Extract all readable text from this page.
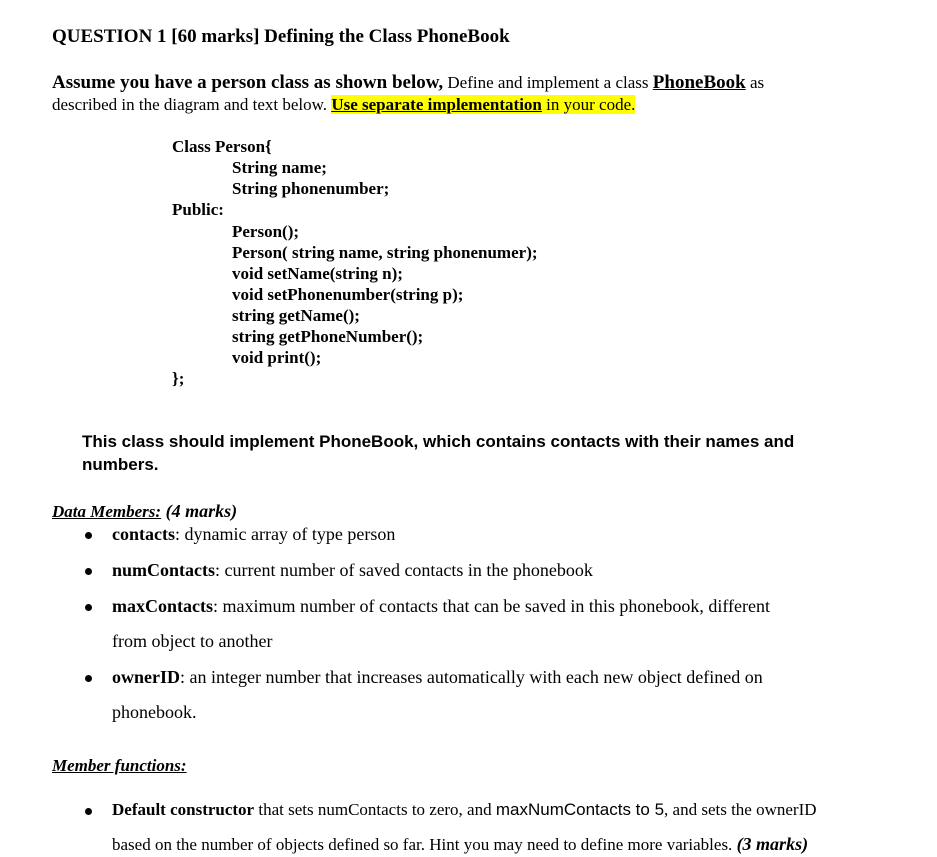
QUESTION 1 [60 marks] Defining the Class PhoneBook
Assume you have a person class as shown below, Define and implement a class PhoneBook as
described in the diagram and text below. Use separate implementation in your code.
Class Person{
String name;
String phonenumber;
Public:
Person();
Person( string name, string phonenumer);
void setName(string n);
void setPhonenumber(string p);
string getName();
string getPhoneNumber();
void print();
};
This class should implement PhoneBook, which contains contacts with their names and
numbers.
Data Members: (4 marks)
contacts: dynamic array of type person
numContacts: current number of saved contacts in the phonebook
maxContacts: maximum number of contacts that can be saved in this phonebook, different
from object to another
ownerID: an integer number that increases automatically with each new object defined on
phonebook.
Member functions:
Default constructor that sets numContacts to zero, and maxNumContacts to 5, and sets the ownerID
based on the number of objects defined so far. Hint you may need to define more variables. (3 marks)
